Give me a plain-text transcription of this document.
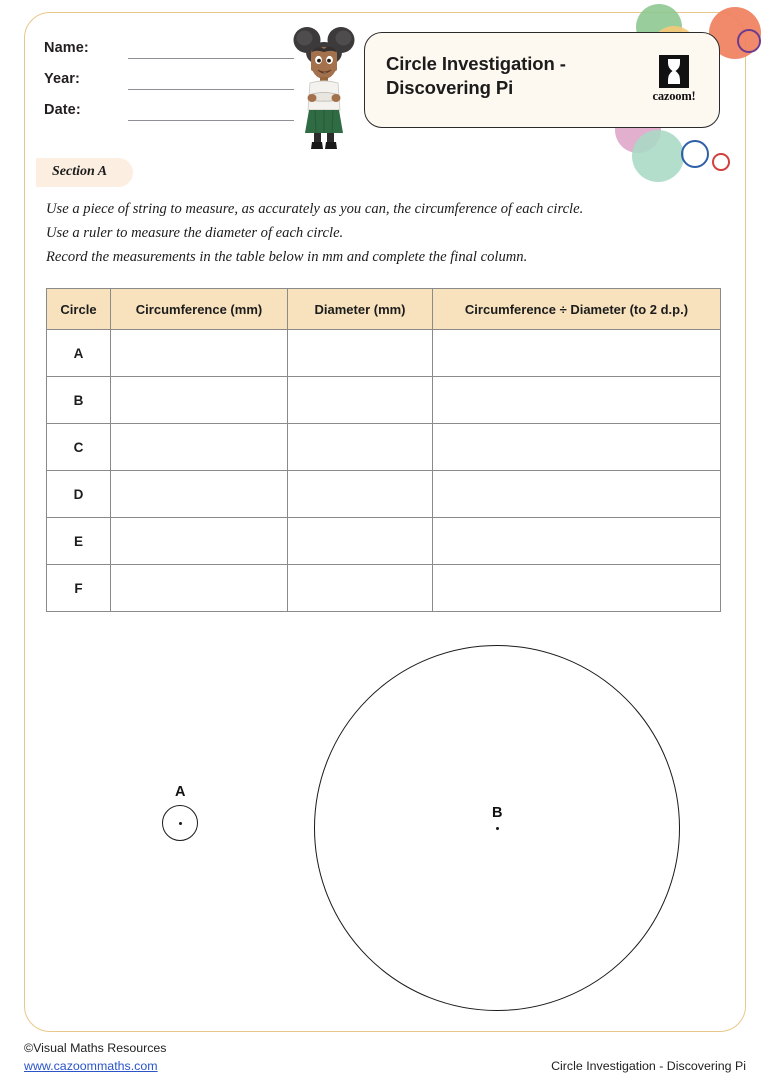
Name:
Year:
Date:
Circle Investigation - Discovering Pi	cazoom!
Section A
Use a piece of string to measure, as accurately as you can, the circumference of each circle.
Use a ruler to measure the diameter of each circle.
Record the measurements in the table below in mm and complete the final column.
Circle	Circumference (mm)	Diameter (mm)	Circumference ÷ Diameter (to 2 d.p.)
A			
B			
C			
D			
E			
F			
A
B
©Visual Maths Resources
www.cazoommaths.com	Circle Investigation - Discovering Pi
